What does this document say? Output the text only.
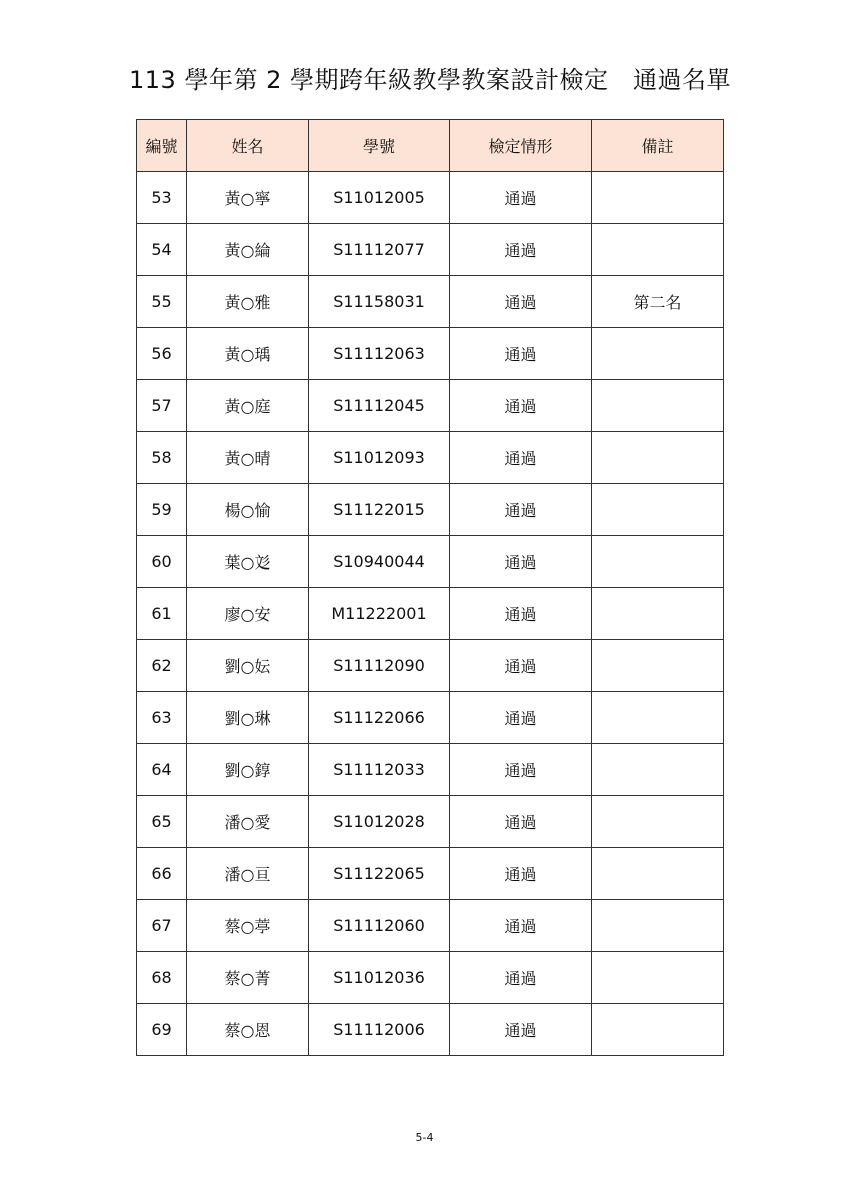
113 學年第 2 學期跨年級教學教案設計檢定　通過名單
編號	姓名	學號	檢定情形	備註
53	黃○寧	S11012005	通過	
54	黃○綸	S11112077	通過	
55	黃○雅	S11158031	通過	第二名
56	黃○瑀	S11112063	通過	
57	黃○庭	S11112045	通過	
58	黃○晴	S11012093	通過	
59	楊○愉	S11122015	通過	
60	葉○彣	S10940044	通過	
61	廖○安	M11222001	通過	
62	劉○妘	S11112090	通過	
63	劉○琳	S11122066	通過	
64	劉○錞	S11112033	通過	
65	潘○愛	S11012028	通過	
66	潘○亘	S11122065	通過	
67	蔡○葶	S11112060	通過	
68	蔡○菁	S11012036	通過	
69	蔡○恩	S11112006	通過	
5-4
